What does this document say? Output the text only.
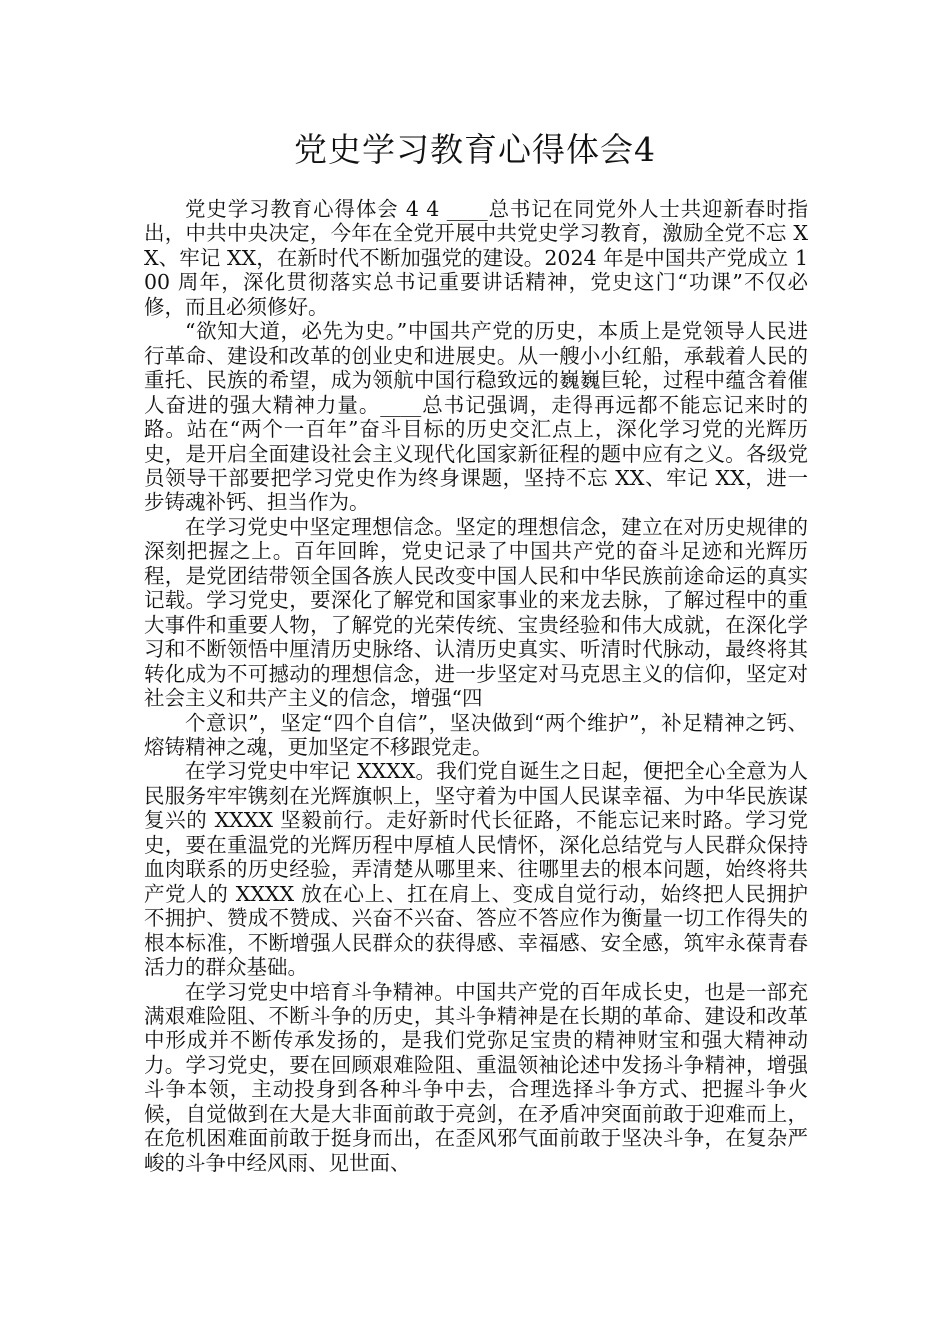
党史学习教育心得体会4

党史学习教育心得体会 4 4 ____总书记在同党外人士共迎新春时指出，中共中央决定，今年在全党开展中共党史学习教育，激励全党不忘 XX、牢记 XX，在新时代不断加强党的建设。2024 年是中国共产党成立 100 周年，深化贯彻落实总书记重要讲话精神，党史这门“功课”不仅必修，而且必须修好。

“欲知大道，必先为史。”中国共产党的历史，本质上是党领导人民进行革命、建设和改革的创业史和进展史。从一艘小小红船，承载着人民的重托、民族的希望，成为领航中国行稳致远的巍巍巨轮，过程中蕴含着催人奋进的强大精神力量。____总书记强调，走得再远都不能忘记来时的路。站在“两个一百年”奋斗目标的历史交汇点上，深化学习党的光辉历史，是开启全面建设社会主义现代化国家新征程的题中应有之义。各级党员领导干部要把学习党史作为终身课题，坚持不忘 XX、牢记 XX，进一步铸魂补钙、担当作为。

在学习党史中坚定理想信念。坚定的理想信念，建立在对历史规律的深刻把握之上。百年回眸，党史记录了中国共产党的奋斗足迹和光辉历程，是党团结带领全国各族人民改变中国人民和中华民族前途命运的真实记载。学习党史，要深化了解党和国家事业的来龙去脉，了解过程中的重大事件和重要人物，了解党的光荣传统、宝贵经验和伟大成就，在深化学习和不断领悟中厘清历史脉络、认清历史真实、听清时代脉动，最终将其转化成为不可撼动的理想信念，进一步坚定对马克思主义的信仰，坚定对社会主义和共产主义的信念，增强“四

个意识”，坚定“四个自信”，坚决做到“两个维护”，补足精神之钙、熔铸精神之魂，更加坚定不移跟党走。

在学习党史中牢记 XXXX。我们党自诞生之日起，便把全心全意为人民服务牢牢镌刻在光辉旗帜上，坚守着为中国人民谋幸福、为中华民族谋复兴的 XXXX 坚毅前行。走好新时代长征路，不能忘记来时路。学习党史，要在重温党的光辉历程中厚植人民情怀，深化总结党与人民群众保持血肉联系的历史经验，弄清楚从哪里来、往哪里去的根本问题，始终将共产党人的 XXXX 放在心上、扛在肩上、变成自觉行动，始终把人民拥护不拥护、赞成不赞成、兴奋不兴奋、答应不答应作为衡量一切工作得失的根本标准，不断增强人民群众的获得感、幸福感、安全感，筑牢永葆青春活力的群众基础。

在学习党史中培育斗争精神。中国共产党的百年成长史，也是一部充满艰难险阻、不断斗争的历史，其斗争精神是在长期的革命、建设和改革中形成并不断传承发扬的，是我们党弥足宝贵的精神财宝和强大精神动力。学习党史，要在回顾艰难险阻、重温领袖论述中发扬斗争精神，增强斗争本领，主动投身到各种斗争中去，合理选择斗争方式、把握斗争火候，自觉做到在大是大非面前敢于亮剑，在矛盾冲突面前敢于迎难而上，在危机困难面前敢于挺身而出，在歪风邪气面前敢于坚决斗争，在复杂严峻的斗争中经风雨、见世面、
